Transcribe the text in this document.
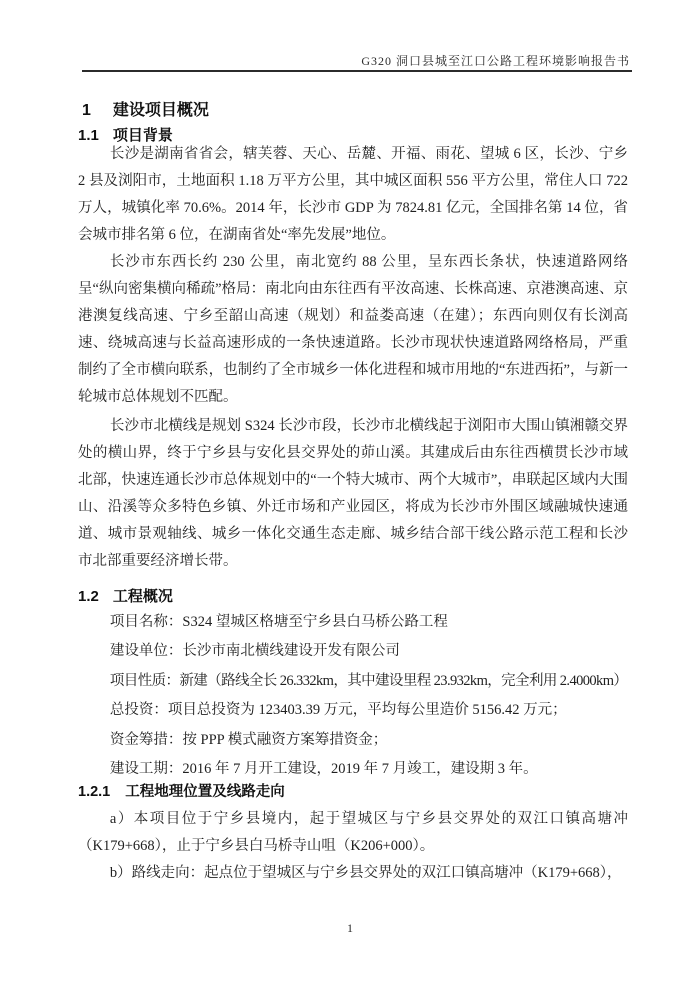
G320 洞口县城至江口公路工程环境影响报告书
1 建设项目概况
1.1 项目背景
长沙是湖南省省会，辖芙蓉、天心、岳麓、开福、雨花、望城 6 区，长沙、宁乡 2 县及浏阳市，土地面积 1.18 万平方公里，其中城区面积 556 平方公里，常住人口 722 万人，城镇化率 70.6%。2014 年，长沙市 GDP 为 7824.81 亿元，全国排名第 14 位，省会城市排名第 6 位，在湖南省处“率先发展”地位。
长沙市东西长约 230 公里，南北宽约 88 公里，呈东西长条状，快速道路网络呈“纵向密集横向稀疏”格局：南北向由东往西有平汝高速、长株高速、京港澳高速、京港澳复线高速、宁乡至韶山高速（规划）和益娄高速（在建）；东西向则仅有长浏高速、绕城高速与长益高速形成的一条快速道路。长沙市现状快速道路网络格局，严重制约了全市横向联系，也制约了全市城乡一体化进程和城市用地的“东进西拓”，与新一轮城市总体规划不匹配。
长沙市北横线是规划 S324 长沙市段，长沙市北横线起于浏阳市大围山镇湘赣交界处的横山界，终于宁乡县与安化县交界处的茆山溪。其建成后由东往西横贯长沙市域北部，快速连通长沙市总体规划中的“一个特大城市、两个大城市”，串联起区域内大围山、沿溪等众多特色乡镇、外迁市场和产业园区，将成为长沙市外围区域融城快速通道、城市景观轴线、城乡一体化交通生态走廊、城乡结合部干线公路示范工程和长沙市北部重要经济增长带。
1.2 工程概况
项目名称：S324 望城区格塘至宁乡县白马桥公路工程
建设单位：长沙市南北横线建设开发有限公司
项目性质：新建（路线全长 26.332km，其中建设里程 23.932km，完全利用 2.4000km）
总投资：项目总投资为 123403.39 万元，平均每公里造价 5156.42 万元；
资金筹措：按 PPP 模式融资方案筹措资金；
建设工期：2016 年 7 月开工建设，2019 年 7 月竣工，建设期 3 年。
1.2.1 工程地理位置及线路走向
a）本项目位于宁乡县境内，起于望城区与宁乡县交界处的双江口镇高塘冲（K179+668），止于宁乡县白马桥寺山咀（K206+000）。
b）路线走向：起点位于望城区与宁乡县交界处的双江口镇高塘冲（K179+668），
1
